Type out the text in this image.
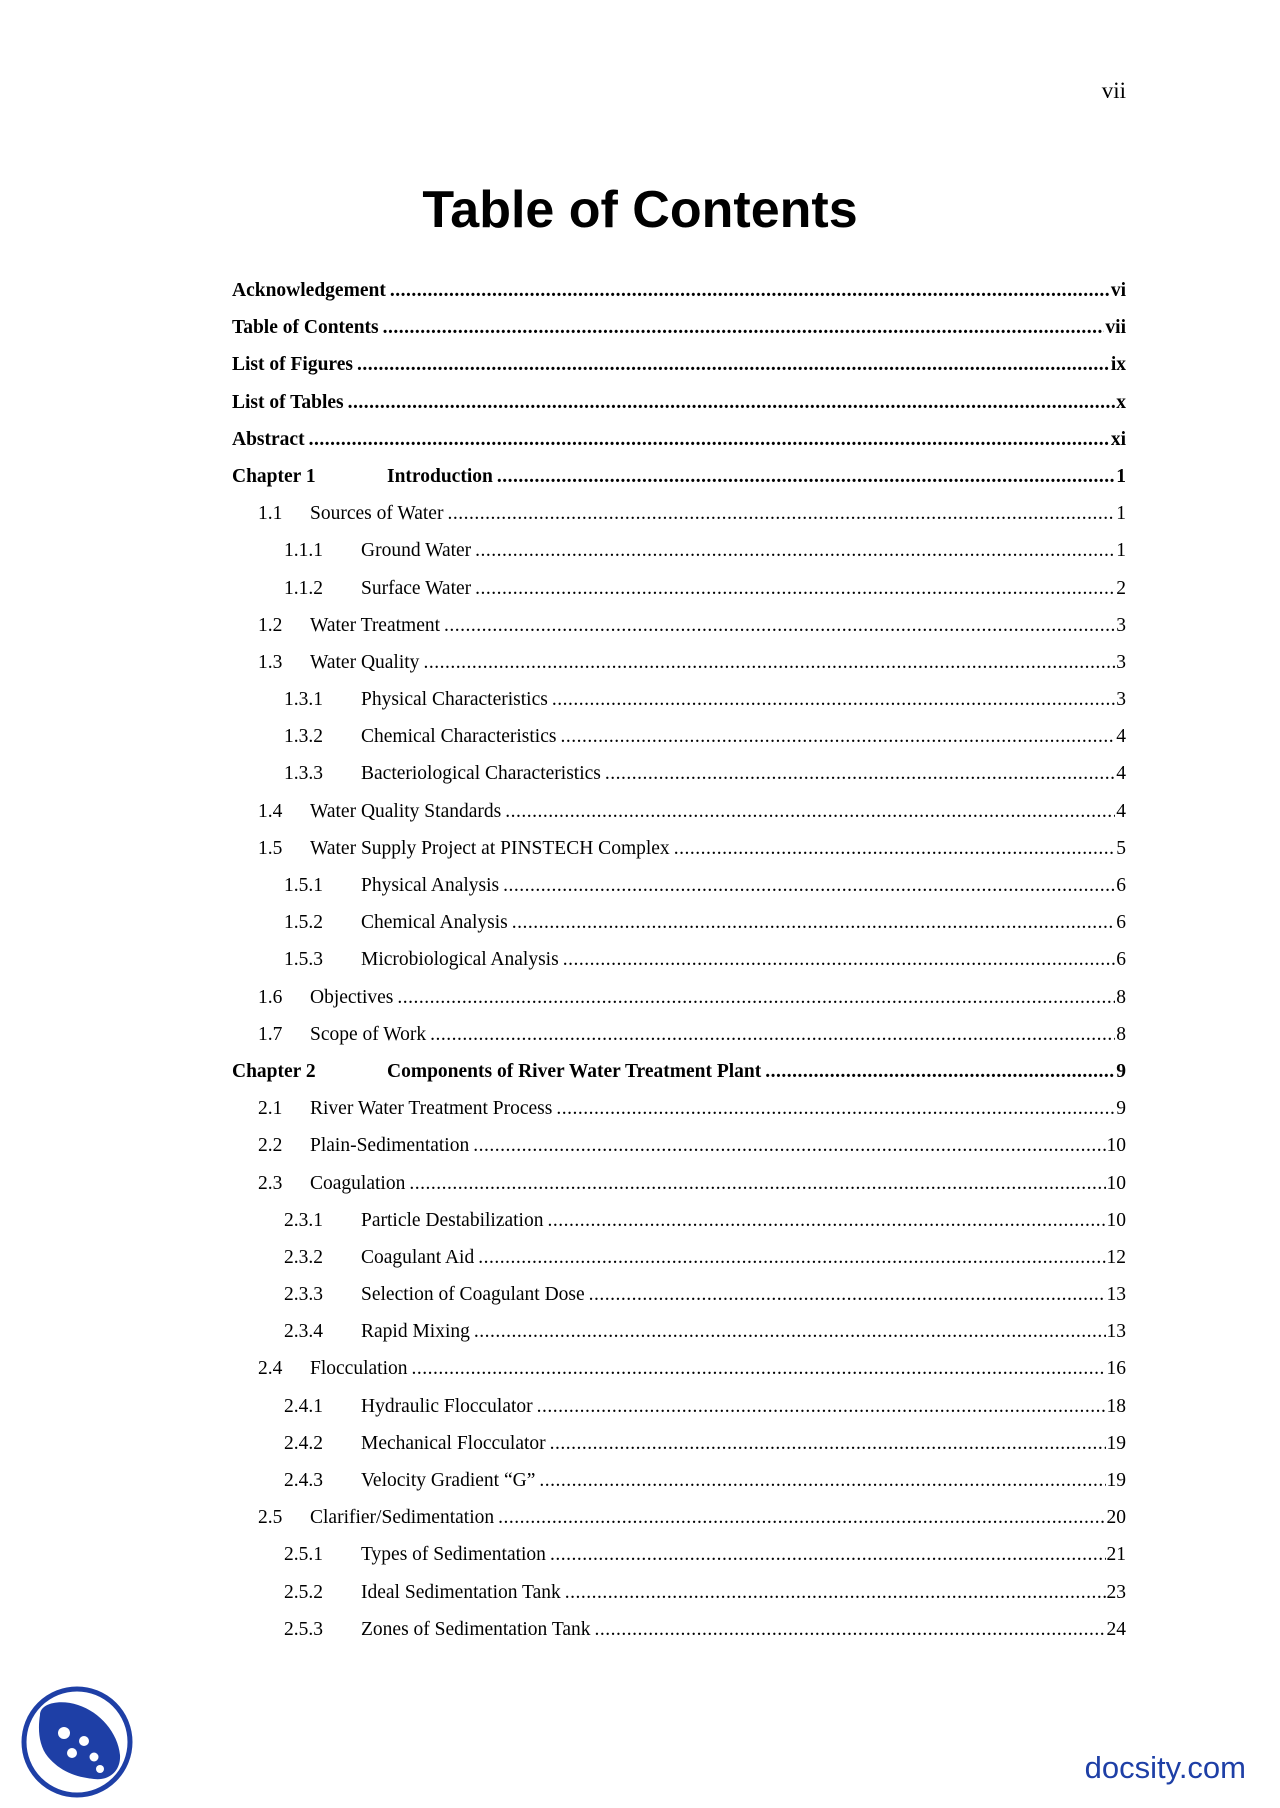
vii
Table of Contents
Acknowledgement .....	vi
Table of Contents .....	vii
List of Figures .....	ix
List of Tables .....	x
Abstract .....	xi
Chapter 1	Introduction .....	1
1.1	Sources of Water .....	1
1.1.1	Ground Water .....	1
1.1.2	Surface Water .....	2
1.2	Water Treatment .....	3
1.3	Water Quality .....	3
1.3.1	Physical Characteristics .....	3
1.3.2	Chemical Characteristics .....	4
1.3.3	Bacteriological Characteristics .....	4
1.4	Water Quality Standards .....	4
1.5	Water Supply Project at PINSTECH Complex .....	5
1.5.1	Physical Analysis .....	6
1.5.2	Chemical Analysis .....	6
1.5.3	Microbiological Analysis .....	6
1.6	Objectives .....	8
1.7	Scope of Work .....	8
Chapter 2	Components of River Water Treatment Plant .....	9
2.1	River Water Treatment Process .....	9
2.2	Plain-Sedimentation .....	10
2.3	Coagulation .....	10
2.3.1	Particle Destabilization .....	10
2.3.2	Coagulant Aid .....	12
2.3.3	Selection of Coagulant Dose .....	13
2.3.4	Rapid Mixing .....	13
2.4	Flocculation .....	16
2.4.1	Hydraulic Flocculator .....	18
2.4.2	Mechanical Flocculator .....	19
2.4.3	Velocity Gradient “G” .....	19
2.5	Clarifier/Sedimentation .....	20
2.5.1	Types of Sedimentation .....	21
2.5.2	Ideal Sedimentation Tank .....	23
2.5.3	Zones of Sedimentation Tank .....	24
docsity.com
